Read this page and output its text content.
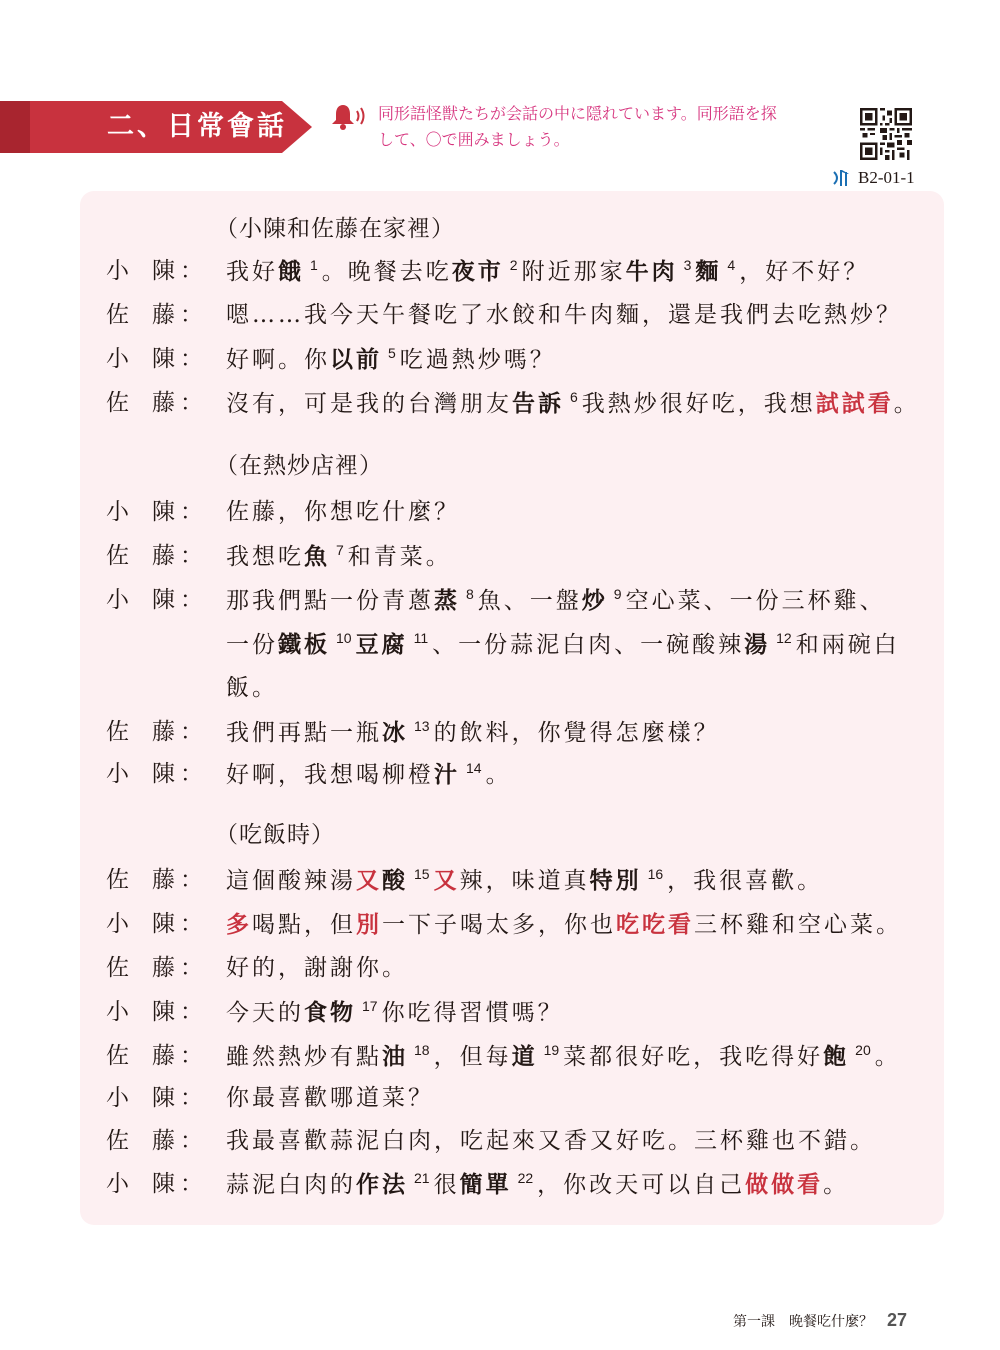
二、日常會話	同形語怪獣たちが会話の中に隠れています。同形語を探
して、〇で囲みましょう。
B2-01-1
（小陳和佐藤在家裡）
小 陳 ： 我好餓 $^1$ 。晚餐去吃夜市 $^2$ 附近那家牛肉 $^3$ 麵 $^4$ ，好不好？
佐 藤 ： 嗯……我今天午餐吃了水餃和牛肉麵，還是我們去吃熱炒？
小 陳 ： 好啊。你以前 $^5$ 吃過熱炒嗎？
佐 藤 ： 沒有，可是我的台灣朋友告訴 $^6$ 我熱炒很好吃，我想試試看。
（在熱炒店裡）
小 陳 ： 佐藤，你想吃什麼？
佐 藤 ： 我想吃魚 $^7$ 和青菜。
小 陳 ： 那我們點一份青蔥蒸 $^8$ 魚、一盤炒 $^9$ 空心菜、一份三杯雞、
一份鐵板 $^{10}$ 豆腐 $^{11}$ 、一份蒜泥白肉、一碗酸辣湯 $^{12}$ 和兩碗白
飯。
佐 藤 ： 我們再點一瓶冰 $^{13}$ 的飲料，你覺得怎麼樣？
小 陳 ： 好啊，我想喝柳橙汁 $^{14}$ 。
（吃飯時）
佐 藤 ： 這個酸辣湯又酸 $^{15}$ 又辣，味道真特別 $^{16}$ ，我很喜歡。
小 陳 ： 多喝點，但別一下子喝太多，你也吃吃看三杯雞和空心菜。
佐 藤 ： 好的，謝謝你。
小 陳 ： 今天的食物 $^{17}$ 你吃得習慣嗎？
佐 藤 ： 雖然熱炒有點油 $^{18}$ ，但每道 $^{19}$ 菜都很好吃，我吃得好飽 $^{20}$ 。
小 陳 ： 你最喜歡哪道菜？
佐 藤 ： 我最喜歡蒜泥白肉，吃起來又香又好吃。三杯雞也不錯。
小 陳 ： 蒜泥白肉的作法 $^{21}$ 很簡單 $^{22}$ ，你改天可以自己做做看。
第一課 晚餐吃什麼？ 27
